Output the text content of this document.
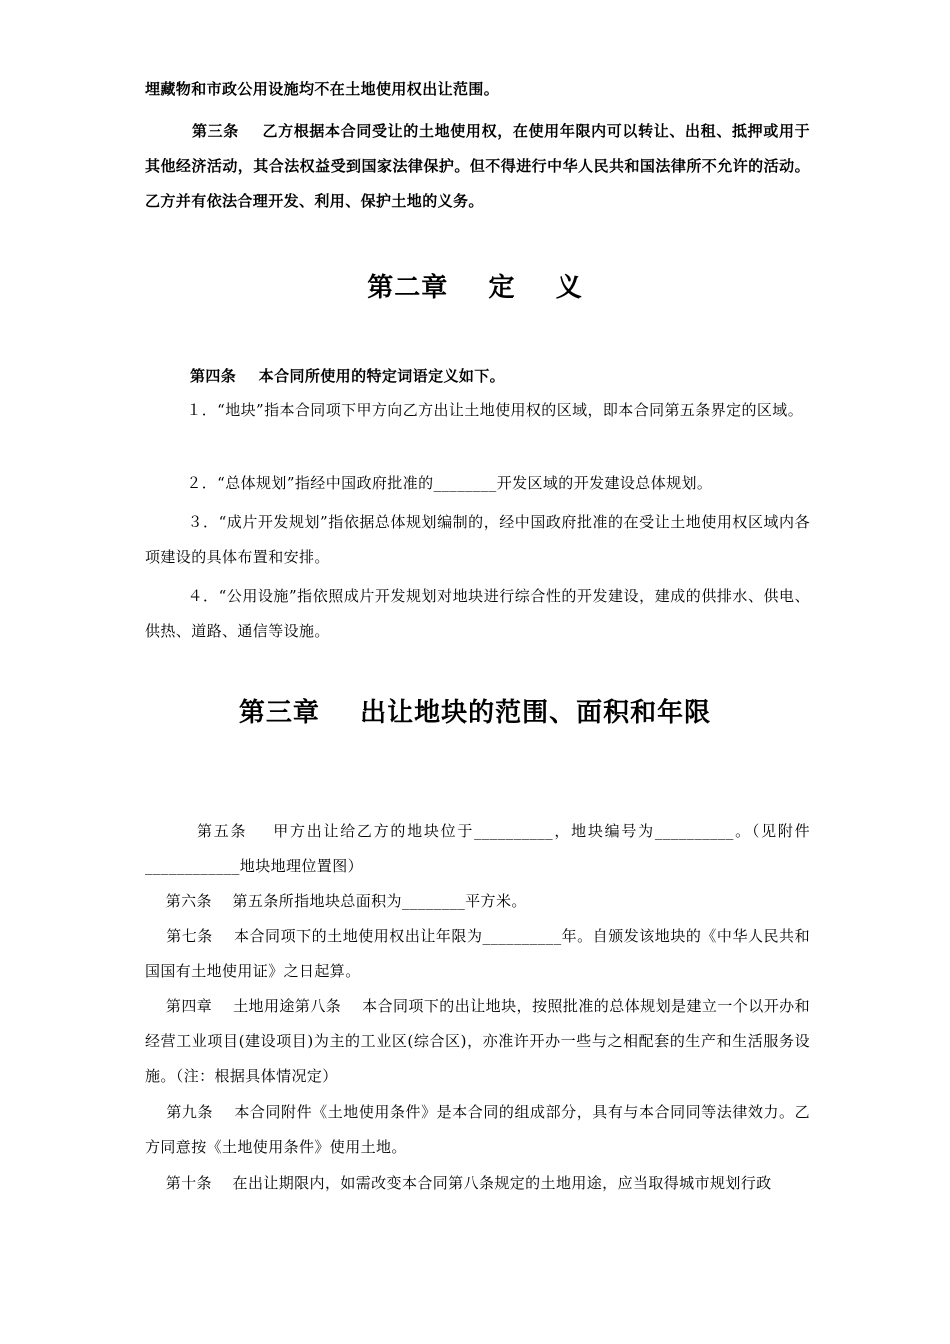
埋藏物和市政公用设施均不在土地使用权出让范围。

第三条    乙方根据本合同受让的土地使用权，在使用年限内可以转让、出租、抵押或用于其他经济活动，其合法权益受到国家法律保护。但不得进行中华人民共和国法律所不允许的活动。乙方并有依法合理开发、利用、保护土地的义务。

第二章    定    义

第四条    本合同所使用的特定词语定义如下。

１．“地块”指本合同项下甲方向乙方出让土地使用权的区域，即本合同第五条界定的区域。

２．“总体规划”指经中国政府批准的________开发区域的开发建设总体规划。

３．“成片开发规划”指依据总体规划编制的，经中国政府批准的在受让土地使用权区域内各项建设的具体布置和安排。

４．“公用设施”指依照成片开发规划对地块进行综合性的开发建设，建成的供排水、供电、供热、道路、通信等设施。

第三章    出让地块的范围、面积和年限

第五条    甲方出让给乙方的地块位于__________，地块编号为__________。（见附件____________地块地理位置图）

第六条    第五条所指地块总面积为________平方米。

第七条    本合同项下的土地使用权出让年限为__________年。自颁发该地块的《中华人民共和国国有土地使用证》之日起算。

第四章    土地用途第八条    本合同项下的出让地块，按照批准的总体规划是建立一个以开办和经营工业项目(建设项目)为主的工业区(综合区)，亦准许开办一些与之相配套的生产和生活服务设施。（注：根据具体情况定）

第九条    本合同附件《土地使用条件》是本合同的组成部分，具有与本合同同等法律效力。乙方同意按《土地使用条件》使用土地。

第十条    在出让期限内，如需改变本合同第八条规定的土地用途，应当取得城市规划行政
